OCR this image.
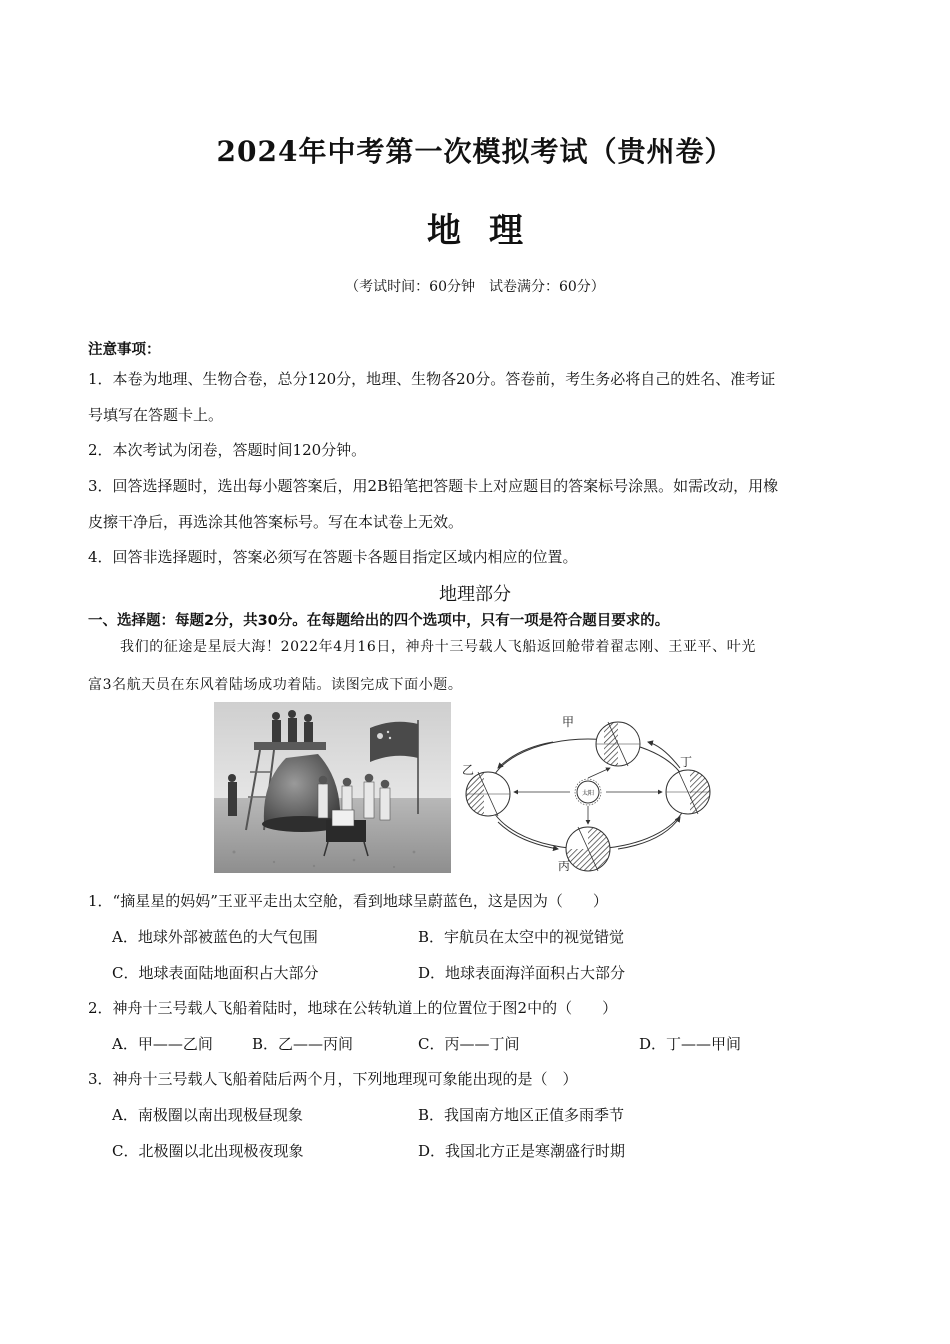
2024年中考第一次模拟考试（贵州卷）
地理
（考试时间：60分钟　试卷满分：60分）
注意事项：
1．本卷为地理、生物合卷，总分120分，地理、生物各20分。答卷前，考生务必将自己的姓名、准考证
号填写在答题卡上。
2．本次考试为闭卷，答题时间120分钟。
3．回答选择题时，选出每小题答案后，用2B铅笔把答题卡上对应题目的答案标号涂黑。如需改动，用橡
皮擦干净后，再选涂其他答案标号。写在本试卷上无效。
4．回答非选择题时，答案必须写在答题卡各题目指定区域内相应的位置。
地理部分
一、选择题：每题2分，共30分。在每题给出的四个选项中，只有一项是符合题目要求的。
我们的征途是星辰大海！2022年4月16日，神舟十三号载人飞船返回舱带着翟志刚、王亚平、叶光
富3名航天员在东风着陆场成功着陆。读图完成下面小题。
太阳
甲
乙
丙
丁
1．“摘星星的妈妈”王亚平走出太空舱，看到地球呈蔚蓝色，这是因为（　　）
A．地球外部被蓝色的大气包围	B．宇航员在太空中的视觉错觉
C．地球表面陆地面积占大部分	D．地球表面海洋面积占大部分
2．神舟十三号载人飞船着陆时，地球在公转轨道上的位置位于图2中的（　　）
A．甲——乙间	B．乙——丙间	C．丙——丁间	D．丁——甲间
3．神舟十三号载人飞船着陆后两个月，下列地理现可象能出现的是（　）
A．南极圈以南出现极昼现象	B．我国南方地区正值多雨季节
C．北极圈以北出现极夜现象	D．我国北方正是寒潮盛行时期
